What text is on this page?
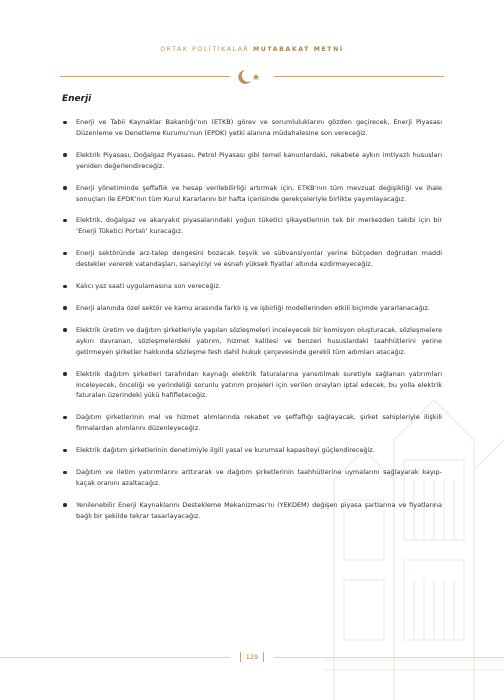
ORTAK POLİTİKALAR MUTABAKAT METNİ
Enerji
Enerji ve Tabii Kaynaklar Bakanlığı’nın (ETKB) görev ve sorumluluklarını gözden geçirecek, Enerji Piyasası Düzenleme ve Denetleme Kurumu’nun (EPDK) yetki alanına müdahalesine son vereceğiz.
Elektrik Piyasası, Doğalgaz Piyasası, Petrol Piyasası gibi temel kanunlardaki, rekabete aykırı imtiyazlı hususları yeniden değerlendireceğiz.
Enerji yönetiminde şeffaflık ve hesap verilebilirliği artırmak için, ETKB’nın tüm mevzuat değişikliği ve ihale sonuçları ile EPDK’nın tüm Kurul Kararlarını bir hafta içerisinde gerekçeleriyle birlikte yayımlayacağız.
Elektrik, doğalgaz ve akaryakıt piyasalarındaki yoğun tüketici şikayetlerinin tek bir merkezden takibi için bir ‘Enerji Tüketici Portalı’ kuracağız.
Enerji sektöründe arz-talep dengesini bozacak teşvik ve sübvansiyonlar yerine bütçeden doğrudan maddi destekler vererek vatandaşları, sanayiciyi ve esnafı yüksek fiyatlar altında ezdirmeyeceğiz.
Kalıcı yaz saati uygulamasına son vereceğiz.
Enerji alanında özel sektör ve kamu arasında farklı iş ve işbirliği modellerinden etkili biçimde yararlanacağız.
Elektrik üretim ve dağıtım şirketleriyle yapılan sözleşmeleri inceleyecek bir komisyon oluşturacak, sözleşmelere aykırı davranan, sözleşmelerdeki yatırım, hizmet kalitesi ve benzeri hususlardaki taahhütlerini yerine getirmeyen şirketler hakkında sözleşme fesh dahil hukuk çerçevesinde gerekli tüm adımları atacağız.
Elektrik dağıtım şirketleri tarafından kaynağı elektrik faturalarına yansıtılmak suretiyle sağlanan yatırımları inceleyecek, önceliği ve yerindeliği sorunlu yatırım projeleri için verilen onayları iptal edecek, bu yolla elektrik faturaları üzerindeki yükü hafifleteceğiz.
Dağıtım şirketlerinin mal ve hizmet alımlarında rekabet ve şeffaflığı sağlayacak, şirket sahipleriyle ilişkili firmalardan alımlarını düzenleyeceğiz.
Elektrik dağıtım şirketlerinin denetimiyle ilgili yasal ve kurumsal kapasiteyi güçlendireceğiz.
Dağıtım ve iletim yatırımlarını arttırarak ve dağıtım şirketlerinin taahhütlerine uymalarını sağlayarak kayıp-kaçak oranını azaltacağız.
Yenilenebilir Enerji Kaynaklarını Destekleme Mekanizması’nı (YEKDEM) değişen piyasa şartlarına ve fiyatlarına bağlı bir şekilde tekrar tasarlayacağız.
129
